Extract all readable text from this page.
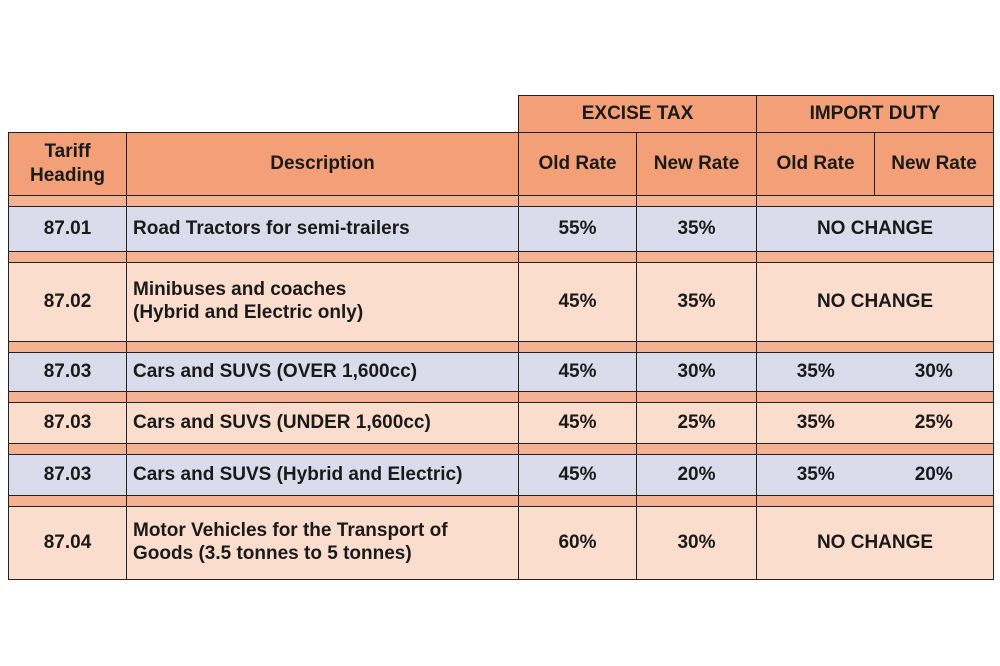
		EXCISE TAX		IMPORT DUTY	
Tariff
Heading	Description	Old Rate	New Rate	Old Rate	New Rate

87.01	Road Tractors for semi-trailers	55%	35%	NO CHANGE	

87.02	Minibuses and coaches
(Hybrid and Electric only)	45%	35%	NO CHANGE	

87.03	Cars and SUVS (OVER 1,600cc)	45%	30%	35%	30%

87.03	Cars and SUVS (UNDER 1,600cc)	45%	25%	35%	25%

87.03	Cars and SUVS (Hybrid and Electric)	45%	20%	35%	20%

87.04	Motor Vehicles for the Transport of
Goods (3.5 tonnes to 5 tonnes)	60%	30%	NO CHANGE	
